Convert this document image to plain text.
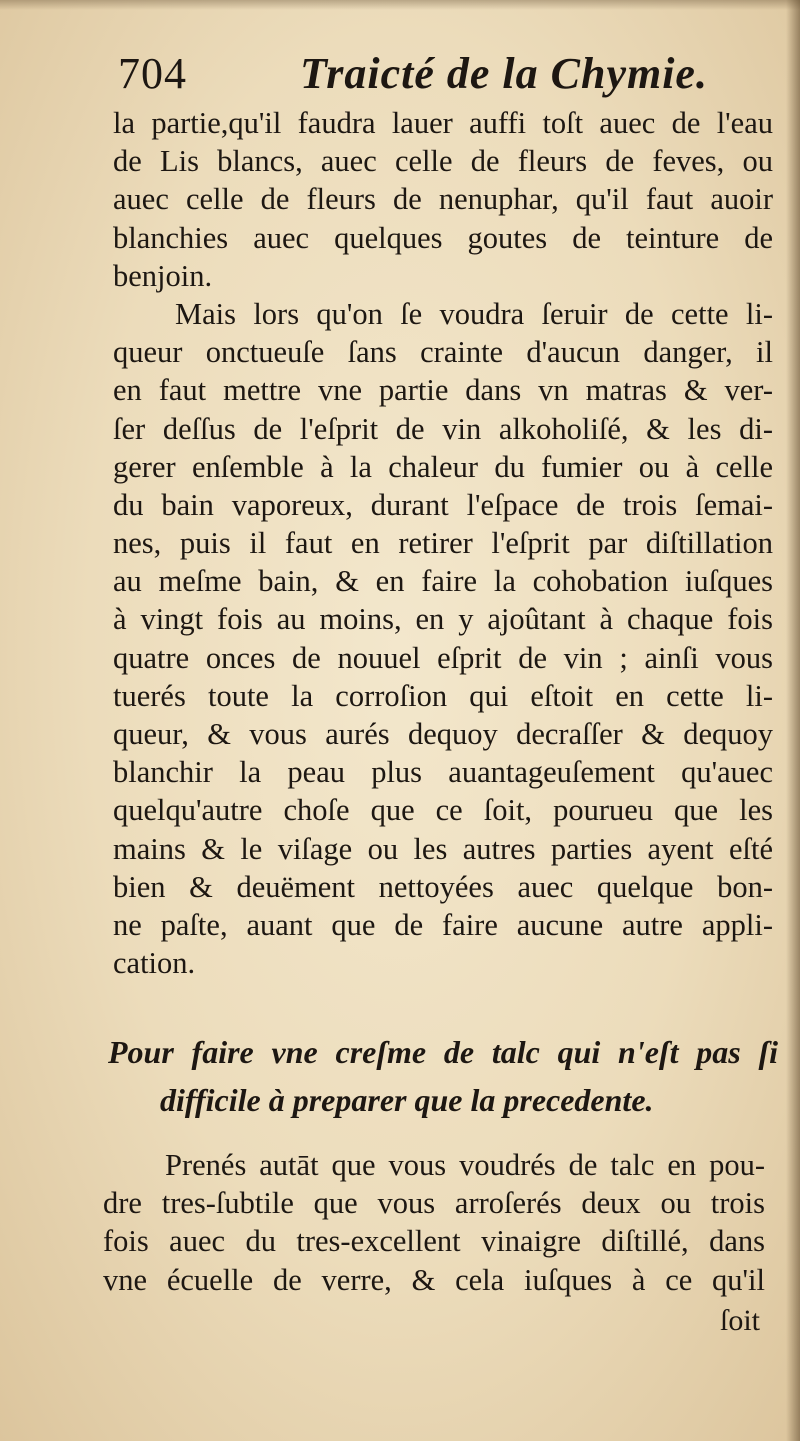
704	Traicté de la Chymie.
la partie,qu'il faudra lauer auffi toſt auec de l'eau
de Lis blancs, auec celle de fleurs de feves, ou
auec celle de fleurs de nenuphar, qu'il faut auoir
blanchies auec quelques goutes de teinture de
benjoin.
Mais lors qu'on ſe voudra ſeruir de cette li-
queur onctueuſe ſans crainte d'aucun danger, il
en faut mettre vne partie dans vn matras & ver-
ſer deſſus de l'eſprit de vin alkoholiſé, & les di-
gerer enſemble à la chaleur du fumier ou à celle
du bain vaporeux, durant l'eſpace de trois ſemai-
nes, puis il faut en retirer l'eſprit par diſtillation
au meſme bain, & en faire la cohobation iuſques
à vingt fois au moins, en y ajoûtant à chaque fois
quatre onces de nouuel eſprit de vin ; ainſi vous
tuerés toute la corroſion qui eſtoit en cette li-
queur, & vous aurés dequoy decraſſer & dequoy
blanchir la peau plus auantageuſement qu'auec
quelqu'autre choſe que ce ſoit, pourueu que les
mains & le viſage ou les autres parties ayent eſté
bien & deuëment nettoyées auec quelque bon-
ne paſte, auant que de faire aucune autre appli-
cation.
Pour faire vne creſme de talc qui n'eſt pas ſi
difficile à preparer que la precedente.
Prenés autāt que vous voudrés de talc en pou-
dre tres-ſubtile que vous arroſerés deux ou trois
fois auec du tres-excellent vinaigre diſtillé, dans
vne écuelle de verre, & cela iuſques à ce qu'il
ſoit
